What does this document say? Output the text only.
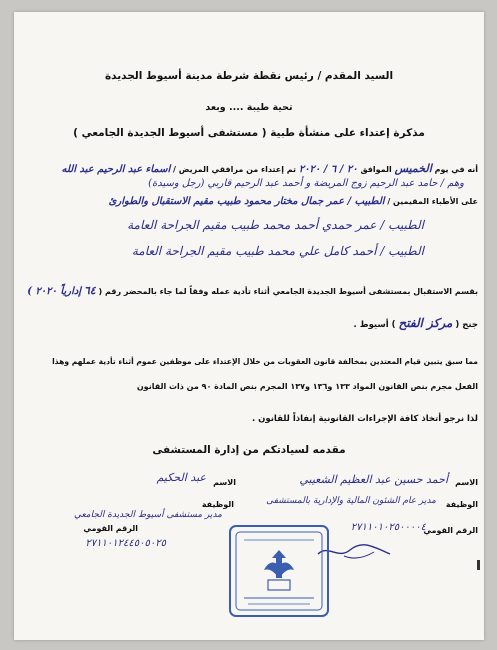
السيد المقدم / رئيس نقطة شرطة مدينة أسيوط الجديدة
تحية طيبة .... وبعد
مذكرة إعتداء على منشأة طبية ( مستشفى أسيوط الجديدة الجامعي )
أنه في يوم الخميس الموافق ٢٠ / ٦ / ٢٠٢٠ تم إعتداء من مرافقي المريض / اسماء عبد الرحيم عبد الله
وهم / حامد عبد الرحيم زوج المريضة و أحمد عبد الرحيم قاربي (رجل وسيدة)
على الأطباء المقيمين / الطبيب / عمر جمال مختار محمود طبيب مقيم الاستقبال والطوارئ
الطبيب / عمر حمدي أحمد محمد طبيب مقيم الجراحة العامة
الطبيب / أحمد كامل علي محمد طبيب مقيم الجراحة العامة
بقسم الاستقبال بمستشفى أسيوط الجديدة الجامعي أثناء تأدية عمله وفقاً لما جاء بالمحضر رقم ( ٦٤ إدارياً ٢٠٢٠ )
جنح ( مركز الفتح ) أسيوط .
مما سبق يتبين قيام المعتدين بمخالفة قانون العقوبات من خلال الإعتداء على موظفين عموم أثناء تأدية عملهم وهذا
الفعل مجرم بنص القانون المواد ١٣٣ و١٣٦ و١٣٧ المجرم بنص المادة ٩٠ من ذات القانون
لذا نرجو أتخاذ كافة الإجراءات القانونية إنفاذاً للقانون .
مقدمه لسيادتكم من إدارة المستشفى
الاسم
أحمد حسين عبد العظيم الشعيبي
الوظيفة
مدير عام الشئون المالية والإدارية بالمستشفى
الرقم القومي
٢٧١١٠١٠٢٥٠٠٠٠٤
الاسم
عبد الحكيم
الوظيفة
مدير مستشفى أسيوط الجديدة الجامعي
الرقم القومي
٢٧١١٠١٢٤٤٥٠٥٠٢٥
